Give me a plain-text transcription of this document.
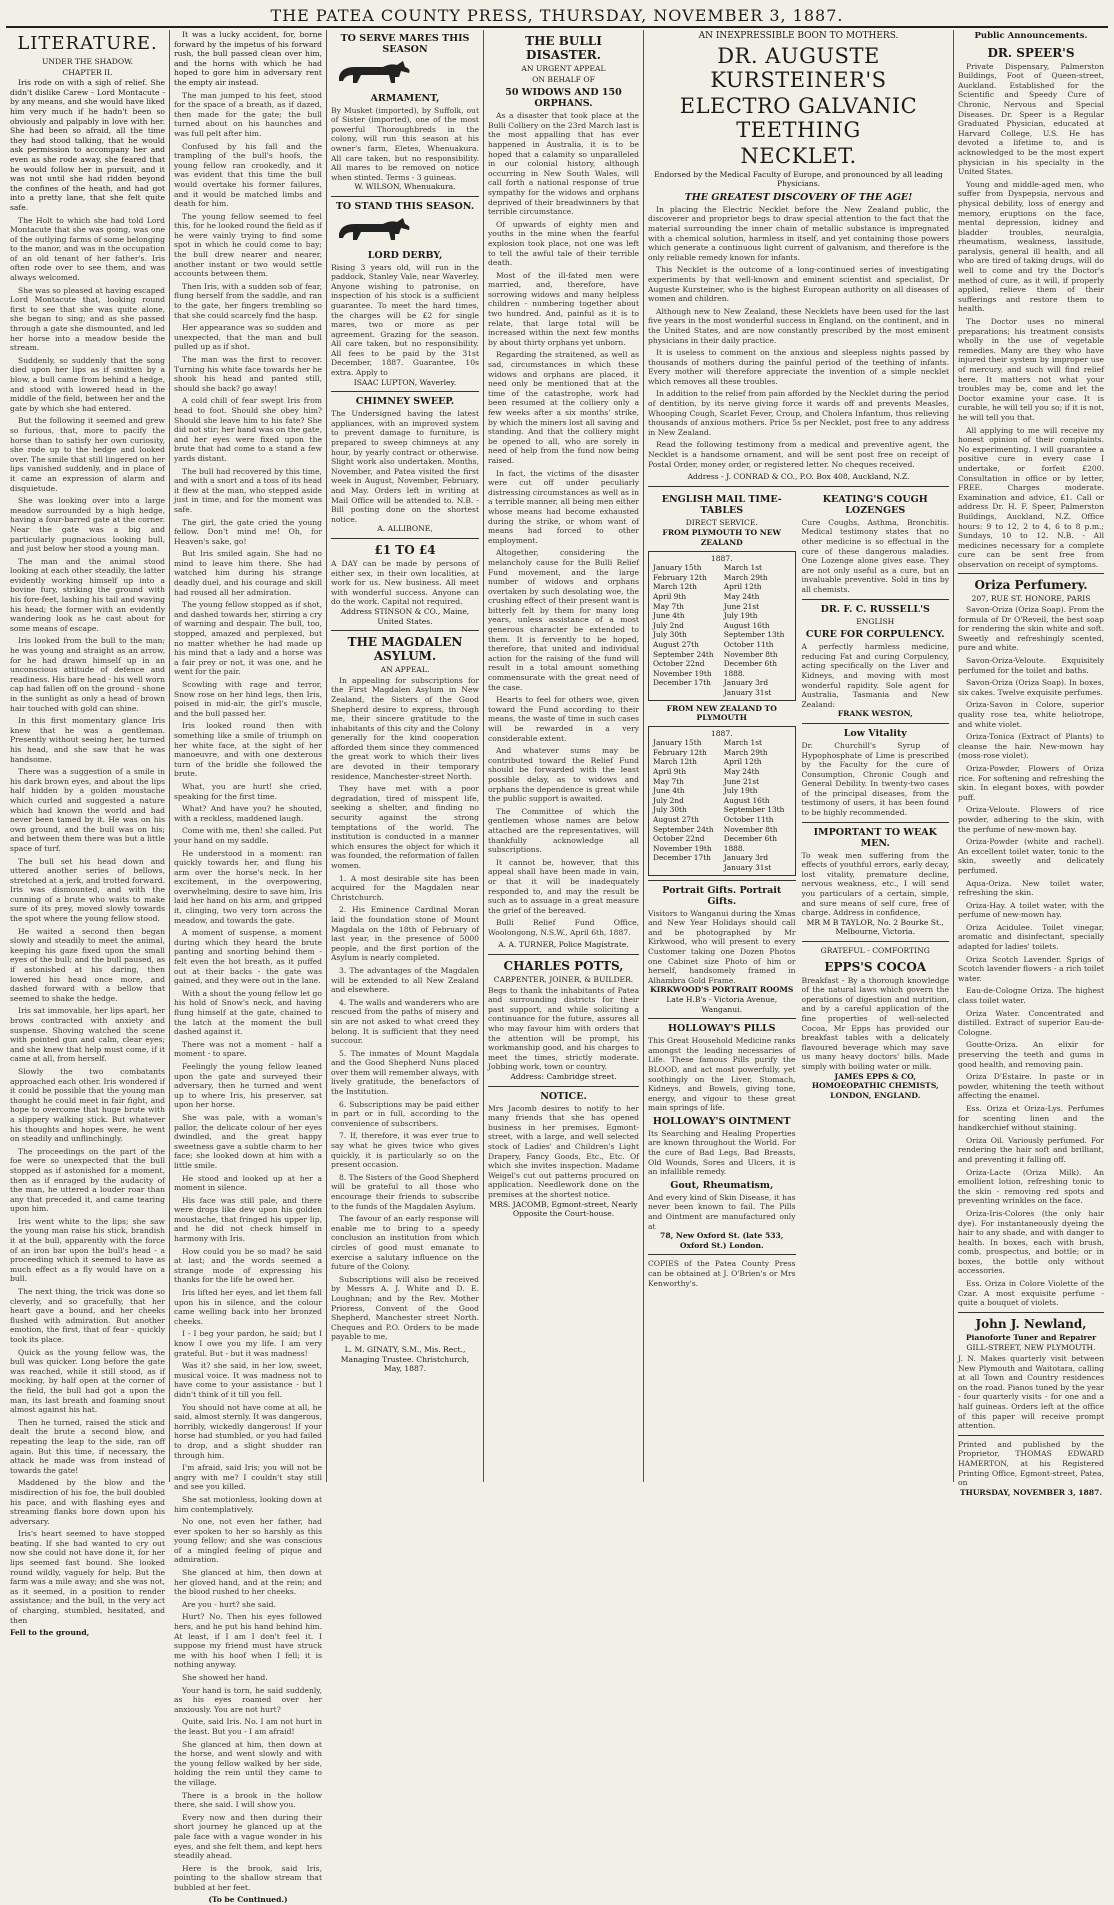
THE PATEA COUNTY PRESS, THURSDAY, NOVEMBER 3, 1887.
LITERATURE.
UNDER THE SHADOW.
CHAPTER II.

Iris rode on with a sigh of relief. She didn't dislike Carew - Lord Montacute - by any means, and she would have liked him very much if he hadn't been so obviously and palpably in love with her. She had been so afraid, all the time they had stood talking, that he would ask permission to accompany her and even as she rode away, she feared that he would follow her in pursuit, and it was not until she had ridden beyond the confines of the heath, and had got into a pretty lane, that she felt quite safe.

The Holt to which she had told Lord Montacute that she was going, was one of the outlying farms of some belonging to the manor, and was in the occupation of an old tenant of her father's. Iris often rode over to see them, and was always welcomed.

She was so pleased at having escaped Lord Montacute that, looking round first to see that she was quite alone, she began to sing; and as she passed through a gate she dismounted, and led her horse into a meadow beside the stream.

Suddenly, so suddenly that the song died upon her lips as if smitten by a blow, a bull came from behind a hedge, and stood with lowered head in the middle of the field, between her and the gate by which she had entered.

But the following it seemed and grew so furious, that, more to pacify the horse than to satisfy her own curiosity, she rode up to the hedge and looked over. The smile that still lingered on her lips vanished suddenly, and in place of it came an expression of alarm and disquietude.

She was looking over into a large meadow surrounded by a high hedge, having a four-barred gate at the corner. Near the gate was a big and particularly pugnacious looking bull, and just below her stood a young man.

The man and the animal stood looking at each other steadily, the latter evidently working himself up into a bovine fury, striking the ground with his fore-feet, lashing his tail and waving his head; the former with an evidently wandering look as he cast about for some means of escape.

Iris looked from the bull to the man; he was young and straight as an arrow, for he had drawn himself up in an unconscious attitude of defence and readiness. His bare head - his well worn cap had fallen off on the ground - shone in the sunlight as only a head of brown hair touched with gold can shine.

In this first momentary glance Iris knew that he was a gentleman. Presently without seeing her, he turned his head, and she saw that he was handsome.

There was a suggestion of a smile in his dark brown eyes, and about the lips half hidden by a golden moustache which curled and suggested a nature which had known the world and had never been tamed by it. He was on his own ground, and the bull was on his; and between them there was but a little space of turf.

The bull set his head down and uttered another series of bellows, stretched at a jerk, and trotted forward. Iris was dismounted, and with the cunning of a brute who waits to make sure of its prey, moved slowly towards the spot where the young fellow stood.

He waited a second then began slowly and steadily to meet the animal, keeping his gaze fixed upon the small eyes of the bull; and the bull paused, as if astonished at his daring, then lowered his head once more, and dashed forward with a bellow that seemed to shake the hedge.

Iris sat immovable, her lips apart, her brows contracted with anxiety and suspense. Shoving watched the scene with pointed gun and calm, clear eyes; and she knew that help must come, if it came at all, from herself.

Slowly the two combatants approached each other. Iris wondered if it could be possible that the young man thought he could meet in fair fight, and hope to overcome that huge brute with a slippery walking stick. But whatever his thoughts and hopes were, he went on steadily and unflinchingly.

The proceedings on the part of the foe were so unexpected that the bull stopped as if astonished for a moment, then as if enraged by the audacity of the man, he uttered a louder roar than any that preceded it, and came tearing upon him.

Iris went white to the lips; she saw the young man raise his stick, brandish it at the bull, apparently with the force of an iron bar upon the bull's head - a proceeding which it seemed to have as much effect as a fly would have on a bull.

The next thing, the trick was done so cleverly, and so gracefully, that her heart gave a bound, and her cheeks flushed with admiration. But another emotion, the first, that of fear - quickly took its place.

Quick as the young fellow was, the bull was quicker. Long before the gate was reached, while it still stood, as if mocking, by half open at the corner of the field, the bull had got a upon the man, its last breath and foaming snout almost against his hat.

Then he turned, raised the stick and dealt the brute a second blow, and repeating the leap to the side, ran off again. But this time, if necessary, the attack he made was from instead of towards the gate!

Maddened by the blow and the misdirection of his foe, the bull doubled his pace, and with flashing eyes and streaming flanks bore down upon his adversary.

Iris's heart seemed to have stopped beating. If she had wanted to cry out now she could not have done it, for her lips seemed fast bound. She looked round wildly, vaguely for help. But the farm was a mile away; and she was not, as it seemed, in a position to render assistance; and the bull, in the very act of charging, stumbled, hesitated, and then

Fell to the ground,

It was a lucky accident, for, borne forward by the impetus of his forward rush, the bull passed clean over him, and the horns with which he had hoped to gore him in adversary rent the empty air instead.

The man jumped to his feet, stood for the space of a breath, as if dazed, then made for the gate; the bull turned about on his haunches and was full pelt after him.

Confused by his fall and the trampling of the bull's hoofs, the young fellow ran crookedly, and it was evident that this time the bull would overtake his former failures, and it would be matched limbs and death for him.

The young fellow seemed to feel this, for he looked round the field as if he were vainly trying to find some spot in which he could come to bay; the bull drew nearer and nearer, another instant or two would settle accounts between them.

Then Iris, with a sudden sob of fear, flung herself from the saddle, and ran to the gate, her fingers trembling so that she could scarcely find the hasp.

Her appearance was so sudden and unexpected, that the man and bull pulled up as if shot.

The man was the first to recover. Turning his white face towards her he shook his head and panted still, should she back? go away!

A cold chill of fear swept Iris from head to foot. Should she obey him? Should she leave him to his fate? She did not stir; her hand was on the gate, and her eyes were fixed upon the brute that had come to a stand a few yards distant.

The bull had recovered by this time, and with a snort and a toss of its head it flew at the man, who stepped aside just in time, and for the moment was safe.

The girl, the gate cried the young fellow. Don't mind me! Oh, for Heaven's sake, go!

But Iris smiled again. She had no mind to leave him there. She had watched him during his strange deadly duel, and his courage and skill had roused all her admiration.

The young fellow stopped as if shot, and dashed towards her, stirring a cry of warning and despair. The bull, too, stopped, amazed and perplexed, but no matter whether he had made up his mind that a lady and a horse was a fair prey or not, it was one, and he went for the pair.

Scowling with rage and terror, Snow rose on her hind legs, then Iris, poised in mid-air, the girl's muscle, and the bull passed her.

Iris looked round then with something like a smile of triumph on her white face, at the sight of her manoeuvre, and with one dexterous turn of the bridle she followed the brute.

What, you are hurt! she cried, speaking for the first time.

What? And have you? he shouted, with a reckless, maddened laugh.

Come with me, then! she called. Put your hand on my saddle.

He understood in a moment: ran quickly towards her, and flung his arm over the horse's neck. In her excitement, in the overpowering, overwhelming, desire to save him, Iris laid her hand on his arm, and gripped it, clinging, two very torn across the meadow, and towards the gate.

A moment of suspense, a moment during which they heard the brute panting and snorting behind them - felt even the hot breath, as it puffed out at their backs - the gate was gained, and they were out in the lane.

With a shout the young fellow let go his hold of Snow's neck, and having flung himself at the gate, chained to the latch at the moment the bull dashed against it.

There was not a moment - half a moment - to spare.

Feelingly the young fellow leaned upon the gate and surveyed their adversary, then he turned and went up to where Iris, his preserver, sat upon her horse.

She was pale, with a woman's pallor, the delicate colour of her eyes dwindled, and the great happy sweetness gave a subtle charm to her face; she looked down at him with a little smile.

He stood and looked up at her a moment in silence.

His face was still pale, and there were drops like dew upon his golden moustache, that fringed his upper lip, and he did not check himself in harmony with Iris.

How could you be so mad? he said at last; and the words seemed a strange mode of expressing his thanks for the life he owed her.

Iris lifted her eyes, and let them fall upon his in silence, and the colour came welling back into her bronzed cheeks.

I - I beg your pardon, he said; but I know I owe you my life. I am very grateful. But - but it was madness!

Was it? she said, in her low, sweet, musical voice. It was madness not to have come to your assistance - but I didn't think of it till you fell.

You should not have come at all, he said, almost sternly. It was dangerous, horribly, wickedly dangerous! If your horse had stumbled, or you had failed to drop, and a slight shudder ran through him.

I'm afraid, said Iris; you will not be angry with me? I couldn't stay still and see you killed.

She sat motionless, looking down at him contemplatively.

No one, not even her father, had ever spoken to her so harshly as this young fellow; and she was conscious of a mingled feeling of pique and admiration.

She glanced at him, then down at her gloved hand, and at the rein; and the blood rushed to her cheeks.

Are you - hurt? she said.

Hurt? No. Then his eyes followed hers, and he put his hand behind him. At least, if I am I don't feel it. I suppose my friend must have struck me with his hoof when I fell; it is nothing anyway.

She showed her hand.

Your hand is torn, he said suddenly, as his eyes roamed over her anxiously. You are not hurt?

Quite, said Iris. No. I am not hurt in the least. But you - I am afraid!

She glanced at him, then down at the horse, and went slowly and with the young fellow walked by her side, holding the rein until they came to the village.

There is a brook in the hollow there, she said. I will show you.

Every now and then during their short journey he glanced up at the pale face with a vague wonder in his eyes, and she felt them, and kept hers steadily ahead.

Here is the brook, said Iris, pointing to the shallow stream that bubbled at her feet.

(To be Continued.)
TO SERVE MARES THIS SEASON
ARMAMENT,
By Musket (imported), by Suffolk, out of Sister (imported), one of the most powerful Thoroughbreds in the colony, will run this season at his owner's farm, Eletes, Whenuakura. All care taken, but no responsibility. All mares to be removed on notice when stinted. Terms - 3 guineas.
W. WILSON, Whenuakura.
TO STAND THIS SEASON.
LORD DERBY,
Rising 3 years old, will run in the paddock, Stanley Vale, near Waverley. Anyone wishing to patronise, on inspection of his stock is a sufficient guarantee. To meet the hard times, the charges will be £2 for single mares, two or more as per agreement. Grazing for the season. All care taken, but no responsibility. All fees to be paid by the 31st December, 1887. Guarantee, 10s extra. Apply to
ISAAC LUPTON, Waverley.
CHIMNEY SWEEP.
The Undersigned having the latest appliances, with an improved system to prevent damage to furniture, is prepared to sweep chimneys at any hour, by yearly contract or otherwise. Slight work also undertaken. Months, November, and Patea visited the first week in August, November, February, and May. Orders left in writing at Mail Office will be attended to. N.B. - Bill posting done on the shortest notice.
A. ALLIBONE,
£1 TO £4
A DAY can be made by persons of either sex, in their own localities, at work for us. New business. All meet with wonderful success. Anyone can do the work. Capital not required.
Address STINSON & CO., Maine, United States.
THE MAGDALEN ASYLUM.
AN APPEAL.

In appealing for subscriptions for the First Magdalen Asylum in New Zealand, the Sisters of the Good Shepherd desire to express, through me, their sincere gratitude to the inhabitants of this city and the Colony generally for the kind cooperation afforded them since they commenced the great work to which their lives are devoted in their temporary residence, Manchester-street North.

They have met with a poor degradation, tired of misspent life, seeking a shelter, and finding no security against the strong temptations of the world. The institution is conducted in a manner which ensures the object for which it was founded, the reformation of fallen women.

1. A most desirable site has been acquired for the Magdalen near Christchurch.

2. His Eminence Cardinal Moran laid the foundation stone of Mount Magdala on the 18th of February of last year, in the presence of 5000 people, and the first portion of the Asylum is nearly completed.

3. The advantages of the Magdalen will be extended to all New Zealand and elsewhere.

4. The walls and wanderers who are rescued from the paths of misery and sin are not asked to what creed they belong. It is sufficient that they need succour.

5. The inmates of Mount Magdala and the Good Shepherd Nuns placed over them will remember always, with lively gratitude, the benefactors of the Institution.

6. Subscriptions may be paid either in part or in full, according to the convenience of subscribers.

7. If, therefore, it was ever true to say what he gives twice who gives quickly, it is particularly so on the present occasion.

8. The Sisters of the Good Shepherd will be grateful to all those who encourage their friends to subscribe to the funds of the Magdalen Asylum.

The favour of an early response will enable me to bring to a speedy conclusion an institution from which circles of good must emanate to exercise a salutary influence on the future of the Colony.

Subscriptions will also be received by Messrs A. J. White and D. E. Loughnan; and by the Rev. Mother Prioress, Convent of the Good Shepherd, Manchester street North. Cheques and P.O. Orders to be made payable to me,

L. M. GINATY, S.M., Mis. Rect., Managing Trustee. Christchurch, May, 1887.
THE BULLI DISASTER.
AN URGENT APPEAL
ON BEHALF OF
50 WIDOWS AND 150 ORPHANS.

As a disaster that took place at the Bulli Colliery on the 23rd March last is the most appalling that has ever happened in Australia, it is to be hoped that a calamity so unparalleled in our colonial history, although occurring in New South Wales, will call forth a national response of true sympathy for the widows and orphans deprived of their breadwinners by that terrible circumstance.

Of upwards of eighty men and youths in the mine when the fearful explosion took place, not one was left to tell the awful tale of their terrible death.

Most of the ill-fated men were married, and, therefore, have sorrowing widows and many helpless children - numbering together about two hundred. And, painful as it is to relate, that large total will be increased within the next few months by about thirty orphans yet unborn.

Regarding the straitened, as well as sad, circumstances in which these widows and orphans are placed, it need only be mentioned that at the time of the catastrophe, work had been resumed at the colliery only a few weeks after a six months' strike, by which the miners lost all saving and standing. And that the colliery might be opened to all, who are sorely in need of help from the fund now being raised.

In fact, the victims of the disaster were cut off under peculiarly distressing circumstances as well as in a terrible manner, all being men either whose means had become exhausted during the strike, or whom want of means had forced to other employment.

Altogether, considering the melancholy cause for the Bulli Relief Fund movement, and the large number of widows and orphans overtaken by such desolating woe, the crushing effect of their present want is bitterly felt by them for many long years, unless assistance of a most generous character be extended to them. It is fervently to be hoped, therefore, that united and individual action for the raising of the fund will result in a total amount something commensurate with the great need of the case.

Hearts to feel for others woe, given toward the Fund according to their means, the waste of time in such cases will be rewarded in a very considerable extent.

And whatever sums may be contributed toward the Relief Fund should be forwarded with the least possible delay, as to widows and orphans the dependence is great while the public support is awaited.

The Committee of which the gentlemen whose names are below attached are the representatives, will thankfully acknowledge all subscriptions.

It cannot be, however, that this appeal shall have been made in vain, or that it will be inadequately responded to, and may the result be such as to assuage in a great measure the grief of the bereaved.

Bulli Relief Fund Office, Woolongong, N.S.W., April 6th, 1887.

A. A. TURNER, Police Magistrate.
CHARLES POTTS,
CARPENTER, JOINER, & BUILDER.
Begs to thank the inhabitants of Patea and surrounding districts for their past support, and while soliciting a continuance for the future, assures all who may favour him with orders that the attention will be prompt, his workmanship good, and his charges to meet the times, strictly moderate. Jobbing work, town or country.
Address: Cambridge street.
NOTICE.
Mrs Jacomb desires to notify to her many friends that she has opened business in her premises, Egmont-street, with a large, and well selected stock of Ladies' and Children's Light Drapery, Fancy Goods, Etc., Etc. Of which she invites inspection. Madame Weigel's cut out patterns procured on application. Needlework done on the premises at the shortest notice.
MRS. JACOMB, Egmont-street, Nearly Opposite the Court-house.
AN INEXPRESSIBLE BOON TO MOTHERS.
DR. AUGUSTE KURSTEINER'S
ELECTRO GALVANIC TEETHING
NECKLET.
Endorsed by the Medical Faculty of Europe, and pronounced by all leading Physicians.
THE GREATEST DISCOVERY OF THE AGE!

In placing the Electric Necklet before the New Zealand public, the discoverer and proprietor begs to draw special attention to the fact that the material surrounding the inner chain of metallic substance is impregnated with a chemical solution, harmless in itself, and yet containing those powers which generate a continuous light current of galvanism, and therefore is the only reliable remedy known for infants.

This Necklet is the outcome of a long-continued series of investigating experiments by that well-known and eminent scientist and specialist, Dr Auguste Kursteiner, who is the highest European authority on all diseases of women and children.

Although new to New Zealand, these Necklets have been used for the last five years in the most wonderful success in England, on the continent, and in the United States, and are now constantly prescribed by the most eminent physicians in their daily practice.

It is useless to comment on the anxious and sleepless nights passed by thousands of mothers during the painful period of the teething of infants. Every mother will therefore appreciate the invention of a simple necklet which removes all these troubles.

In addition to the relief from pain afforded by the Necklet during the period of dentition, by its nerve giving force it wards off and prevents Measles, Whooping Cough, Scarlet Fever, Croup, and Cholera Infantum, thus relieving thousands of anxious mothers. Price 5s per Necklet, post free to any address in New Zealand.

Read the following testimony from a medical and preventive agent, the Necklet is a handsome ornament, and will be sent post free on receipt of Postal Order, money order, or registered letter. No cheques received.

Address - J. CONRAD & CO., P.O. Box 408, Auckland, N.Z.
ENGLISH MAIL TIME-TABLES
DIRECT SERVICE.
FROM PLYMOUTH TO NEW ZEALAND
1887.
January 15th
February 12th
March 12th
April 9th
May 7th
June 4th
July 2nd
July 30th
August 27th
September 24th
October 22nd
November 19th
December 17th

March 1st
March 29th
April 12th
May 24th
June 21st
July 19th
August 16th
September 13th
October 11th
November 8th
December 6th
1888.
January 3rd
January 31st
FROM NEW ZEALAND TO PLYMOUTH
1887.
January 15th
February 12th
March 12th
April 9th
May 7th
June 4th
July 2nd
July 30th
August 27th
September 24th
October 22nd
November 19th
December 17th

March 1st
March 29th
April 12th
May 24th
June 21st
July 19th
August 16th
September 13th
October 11th
November 8th
December 6th
1888.
January 3rd
January 31st
Portrait Gifts. Portrait Gifts.
Visitors to Wanganui during the Xmas and New Year Holidays should call and be photographed by Mr Kirkwood, who will present to every Customer taking one Dozen Photos one Cabinet size Photo of him or herself, handsomely framed in Alhambra Gold Frame.
KIRKWOOD'S PORTRAIT ROOMS
Late H.B's - Victoria Avenue, Wanganui.
HOLLOWAY'S PILLS
This Great Household Medicine ranks amongst the leading necessaries of Life. These famous Pills purify the BLOOD, and act most powerfully, yet soothingly on the Liver, Stomach, Kidneys, and Bowels, giving tone, energy, and vigour to these great main springs of life.
HOLLOWAY'S OINTMENT
Its Searching and Healing Properties are known throughout the World. For the cure of Bad Legs, Bad Breasts, Old Wounds, Sores and Ulcers, it is an infallible remedy.
Gout, Rheumatism,
And every kind of Skin Disease, it has never been known to fail. The Pills and Ointment are manufactured only at
78, New Oxford St. (late 533, Oxford St.) London.
COPIES of the Patea County Press can be obtained at J. O'Brien's or Mrs Kenworthy's.
KEATING'S COUGH LOZENGES
Cure Coughs, Asthma, Bronchitis. Medical testimony states that no other medicine is so effectual in the cure of these dangerous maladies. One Lozenge alone gives ease. They are not only useful as a cure, but an invaluable preventive. Sold in tins by all chemists.
DR. F. C. RUSSELL'S
ENGLISH
CURE FOR CORPULENCY.
A perfectly harmless medicine, reducing Fat and curing Corpulency, acting specifically on the Liver and Kidneys, and moving with most wonderful rapidity. Sole agent for Australia, Tasmania and New Zealand:
FRANK WESTON,
Low Vitality
Dr. Churchill's Syrup of Hypophosphate of Lime is prescribed by the Faculty for the cure of Consumption, Chronic Cough and General Debility. In twenty-two cases of the principal diseases, from the testimony of users, it has been found to be highly recommended.
IMPORTANT TO WEAK MEN.
To weak men suffering from the effects of youthful errors, early decay, lost vitality, premature decline, nervous weakness, etc., I will send you particulars of a certain, simple, and sure means of self cure, free of charge. Address in confidence,
MR M B TAYLOR, No. 2 Bourke St., Melbourne, Victoria.
GRATEFUL - COMFORTING
EPPS'S COCOA
Breakfast - By a thorough knowledge of the natural laws which govern the operations of digestion and nutrition, and by a careful application of the fine properties of well-selected Cocoa, Mr Epps has provided our breakfast tables with a delicately flavoured beverage which may save us many heavy doctors' bills. Made simply with boiling water or milk.
JAMES EPPS & CO, HOMOEOPATHIC CHEMISTS, LONDON, ENGLAND.
Public Announcements.
DR. SPEER'S

Private Dispensary, Palmerston Buildings, Foot of Queen-street, Auckland. Established for the Scientific and Speedy Cure of Chronic, Nervous and Special Diseases. Dr. Speer is a Regular Graduated Physician, educated at Harvard College, U.S. He has devoted a lifetime to, and is acknowledged to be the most expert physician in his specialty in the United States.

Young and middle-aged men, who suffer from Dyspepsia, nervous and physical debility, loss of energy and memory, eruptions on the face, mental depression, kidney and bladder troubles, neuralgia, rheumatism, weakness, lassitude, paralysis, general ill health, and all who are tired of taking drugs, will do well to come and try the Doctor's method of cure, as it will, if properly applied, relieve them of their sufferings and restore them to health.

The Doctor uses no mineral preparations; his treatment consists wholly in the use of vegetable remedies. Many are they who have injured their system by improper use of mercury, and such will find relief here. It matters not what your troubles may be, come and let the Doctor examine your case. It is curable, he will tell you so; if it is not, he will tell you that.

All applying to me will receive my honest opinion of their complaints. No experimenting. I will guarantee a positive cure in every case I undertake, or forfeit £200. Consultation in office or by letter, FREE. Charges moderate. Examination and advice, £1. Call or address Dr. H. F. Speer, Palmerston Buildings, Auckland, N.Z. Office hours: 9 to 12, 2 to 4, 6 to 8 p.m.; Sundays, 10 to 12. N.B. - All medicines necessary for a complete cure can be sent free from observation on receipt of symptoms.

Oriza Perfumery.
207, RUE ST. HONORE, PARIS

Savon-Oriza (Oriza Soap). From the formula of Dr O'Reveil, the best soap for rendering the skin white and soft. Sweetly and refreshingly scented, pure and white.

Savon-Oriza-Veloute. Exquisitely perfumed for the toilet and baths.

Savon-Oriza (Oriza Soap). In boxes, six cakes. Twelve exquisite perfumes.

Oriza-Savon in Colore, superior quality rose tea, white heliotrope, and white violet.

Oriza-Tonica (Extract of Plants) to cleanse the hair. New-mown hay (moss-rose violet).

Oriza-Powder, Flowers of Oriza rice. For softening and refreshing the skin. In elegant boxes, with powder puff.

Oriza-Veloute. Flowers of rice powder, adhering to the skin, with the perfume of new-mown hay.

Oriza-Powder (white and rachel). An excellent toilet water, tonic to the skin, sweetly and delicately perfumed.

Aqua-Oriza. New toilet water, refreshing the skin.

Oriza-Hay. A toilet water, with the perfume of new-mown hay.

Oriza Acidulee. Toilet vinegar, aromatic and disinfectant, specially adapted for ladies' toilets.

Oriza Scotch Lavender. Sprigs of Scotch lavender flowers - a rich toilet water.

Eau-de-Cologne Oriza. The highest class toilet water.

Oriza Water. Concentrated and distilled. Extract of superior Eau-de-Cologne.

Goutte-Oriza. An elixir for preserving the teeth and gums in good health, and removing pain.

Oriza D'Estaire. In paste or in powder, whitening the teeth without affecting the enamel.

Ess. Oriza et Oriza-Lys. Perfumes for scenting linen and the handkerchief without staining.

Oriza Oil. Variously perfumed. For rendering the hair soft and brilliant, and preventing it falling off.

Oriza-Lacte (Oriza Milk). An emollient lotion, refreshing tonic to the skin - removing red spots and preventing wrinkles on the face.

Oriza-Iris-Colores (the only hair dye). For instantaneously dyeing the hair to any shade, and with danger to health. In boxes, each with brush, comb, prospectus, and bottle; or in boxes, the bottle only without accessories.

Ess. Oriza in Colore Violette of the Czar. A most exquisite perfume - quite a bouquet of violets.

John J. Newland,
Pianoforte Tuner and Repairer
GILL-STREET, NEW PLYMOUTH.
J. N. Makes quarterly visit between New Plymouth and Waitotara, calling at all Town and Country residences on the road. Pianos tuned by the year - four quarterly visits - for one and a half guineas. Orders left at the office of this paper will receive prompt attention.
Printed and published by the Proprietor, THOMAS EDWARD HAMERTON, at his Registered Printing Office, Egmont-street, Patea, on
THURSDAY, NOVEMBER 3, 1887.
